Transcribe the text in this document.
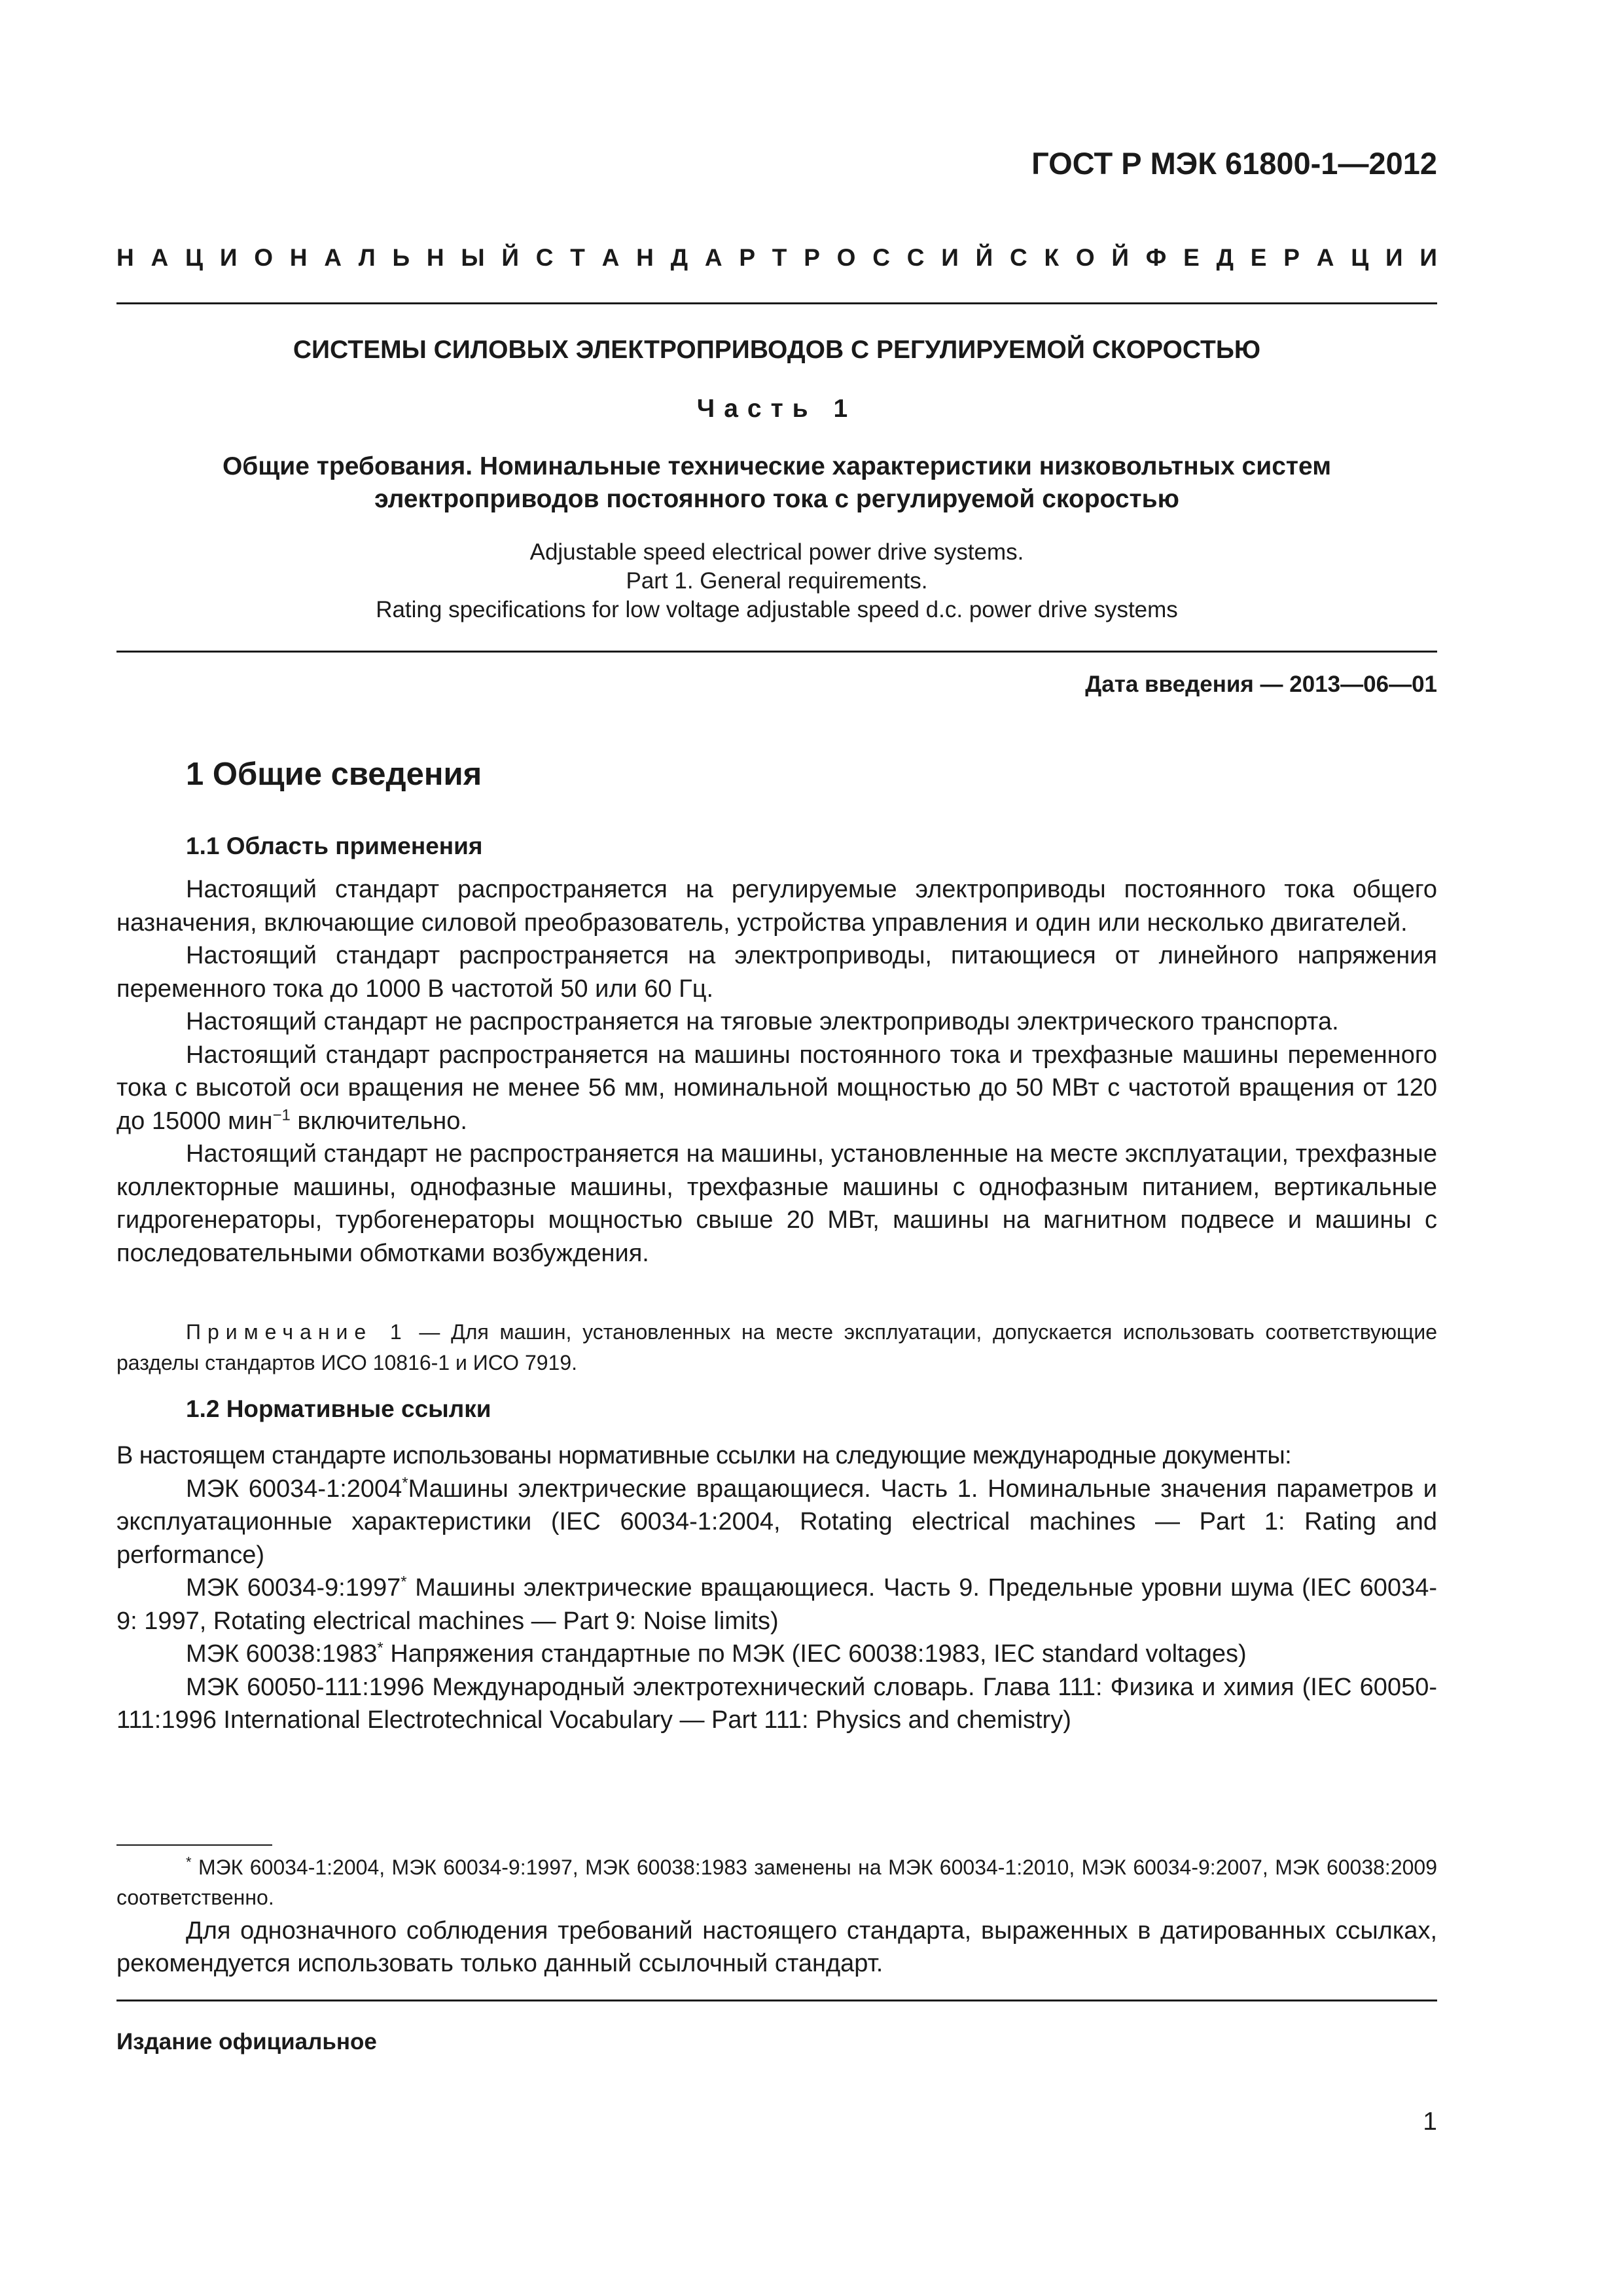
ГОСТ Р МЭК 61800-1—2012
Н А Ц И О Н А Л Ь Н Ы Й С Т А Н Д А Р Т Р О С С И Й С К О Й Ф Е Д Е Р А Ц И И
СИСТЕМЫ СИЛОВЫХ ЭЛЕКТРОПРИВОДОВ С РЕГУЛИРУЕМОЙ СКОРОСТЬЮ
Часть 1
Общие требования. Номинальные технические характеристики низковольтных систем
электроприводов постоянного тока с регулируемой скоростью
Adjustable speed electrical power drive systems.
Part 1. General requirements.
Rating specifications for low voltage adjustable speed d.c. power drive systems
Дата введения — 2013—06—01
1 Общие сведения
1.1 Область применения

Настоящий стандарт распространяется на регулируемые электроприводы постоянного тока общего назначения, включающие силовой преобразователь, устройства управления и один или несколько двигателей.

Настоящий стандарт распространяется на электроприводы, питающиеся от линейного напряжения переменного тока до 1000 В частотой 50 или 60 Гц.

Настоящий стандарт не распространяется на тяговые электроприводы электрического транспорта.

Настоящий стандарт распространяется на машины постоянного тока и трехфазные машины переменного тока с высотой оси вращения не менее 56 мм, номинальной мощностью до 50 МВт с частотой вращения от 120 до 15000 мин$^{-1}$ включительно.

Настоящий стандарт не распространяется на машины, установленные на месте эксплуатации, трехфазные коллекторные машины, однофазные машины, трехфазные машины с однофазным питанием, вертикальные гидрогенераторы, турбогенераторы мощностью свыше 20 МВт, машины на магнитном подвесе и машины с последовательными обмотками возбуждения.

Примечание 1 — Для машин, установленных на месте эксплуатации, допускается использовать соответствующие разделы стандартов ИСО 10816-1 и ИСО 7919.

1.2 Нормативные ссылки

В настоящем стандарте использованы нормативные ссылки на следующие международные документы:

МЭК 60034-1:2004*Машины электрические вращающиеся. Часть 1. Номинальные значения параметров и эксплуатационные характеристики (IEC 60034-1:2004, Rotating electrical machines — Part 1: Rating and performance)

МЭК 60034-9:1997* Машины электрические вращающиеся. Часть 9. Предельные уровни шума (IEC 60034-9: 1997, Rotating electrical machines — Part 9: Noise limits)

МЭК 60038:1983* Напряжения стандартные по МЭК (IEC 60038:1983, IEC standard voltages)

МЭК 60050-111:1996 Международный электротехнический словарь. Глава 111: Физика и химия (IEC 60050-111:1996 International Electrotechnical Vocabulary — Part 111: Physics and chemistry)

* МЭК 60034-1:2004, МЭК 60034-9:1997, МЭК 60038:1983 заменены на МЭК 60034-1:2010, МЭК 60034-9:2007, МЭК 60038:2009 соответственно.

Для однозначного соблюдения требований настоящего стандарта, выраженных в датированных ссылках, рекомендуется использовать только данный ссылочный стандарт.

Издание официальное
1
